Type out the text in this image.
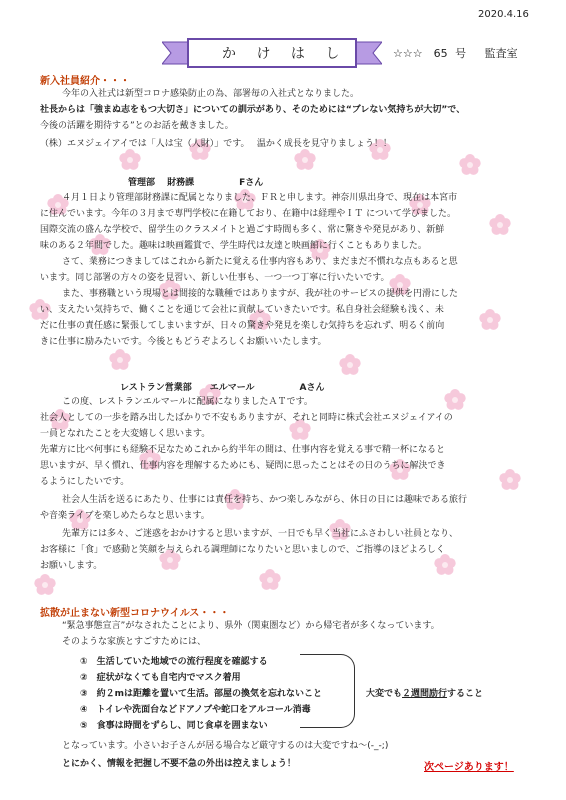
2020.4.16
か け は し	☆☆☆　65 号　 監査室
新入社員紹介・・・
今年の入社式は新型コロナ感染防止の為、部署毎の入社式となりました。
社長からは「強まぬ志をもつ大切さ」についての訓示があり、そのためには“ブレない気持ちが大切”で、
今後の活躍を期待する”とのお話を戴きました。
（株）エヌジェイアイでは「人は宝（人財）」です。　 温かく成長を見守りましょう！！
管理部　 財務課　　　　　Fさん
４月１日より管理部財務課に配属となりました、ＦＲと申します。神奈川県出身で、現在は本宮市
に住んでいます。今年の３月まで専門学校に在籍しており、在籍中は経理やＩＴ について学びました。
国際交流の盛んな学校で、留学生のクラスメイトと過ごす時間も多く、常に驚きや発見があり、新鮮
味のある２年間でした。趣味は映画鑑賞で、学生時代は友達と映画館に行くこともありました。
さて、業務につきましてはこれから新たに覚える仕事内容もあり、まだまだ不慣れな点もあると思
います。同じ部署の方々の姿を見習い、新しい仕事も、一つ一つ丁寧に行いたいです。
また、事務職という現場とは間接的な職種ではありますが、我が社のサービスの提供を円滑にした
い、支えたい気持ちで、働くことを通じて会社に貢献していきたいです。私自身社会経験も浅く、未
だに仕事の責任感に緊張してしまいますが、日々の驚きや発見を楽しむ気持ちを忘れず、明るく前向
きに仕事に励みたいです。今後ともどうぞよろしくお願いいたします。
レストラン営業部　　エルマール　　　　　Aさん
この度、レストランエルマールに配属になりましたＡＴです。
社会人としての一歩を踏み出したばかりで不安もありますが、それと同時に株式会社エヌジェイアイの
一員となれたことを大変嬉しく思います。
先輩方に比べ何事にも経験不足なためこれから約半年の間は、仕事内容を覚える事で精一杯になると
思いますが、早く慣れ、仕事内容を理解するためにも、疑問に思ったことはその日のうちに解決でき
るようにしたいです。
社会人生活を送るにあたり、仕事には責任を持ち、かつ楽しみながら、休日の日には趣味である旅行
や音楽ライブを楽しめたらなと思います。
先輩方には多々、ご迷惑をおかけすると思いますが、一日でも早く当社にふさわしい社員となり、
お客様に「食」で感動と笑顔を与えられる調理師になりたいと思いましので、ご指導のほどよろしく
お願いします。
拡散が止まない新型コロナウイルス・・・
“緊急事態宣言”がなされたことにより、県外（関東圏など）から帰宅者が多くなっています。
そのような家族とすごすためには、
①　生活していた地域での流行程度を確認する
②　症状がなくても自宅内でマスク着用
③　約２mは距離を置いて生活。部屋の換気を忘れないこと
④　トイレや洗面台などドアノブや蛇口をアルコール消毒
⑤　食事は時間をずらし、同じ食卓を囲まない
大変でも２週間励行すること
となっています。小さいお子さんが居る場合など厳守するのは大変ですね～(-_-;)
とにかく、情報を把握し不要不急の外出は控えましょう！	次ページあります！
